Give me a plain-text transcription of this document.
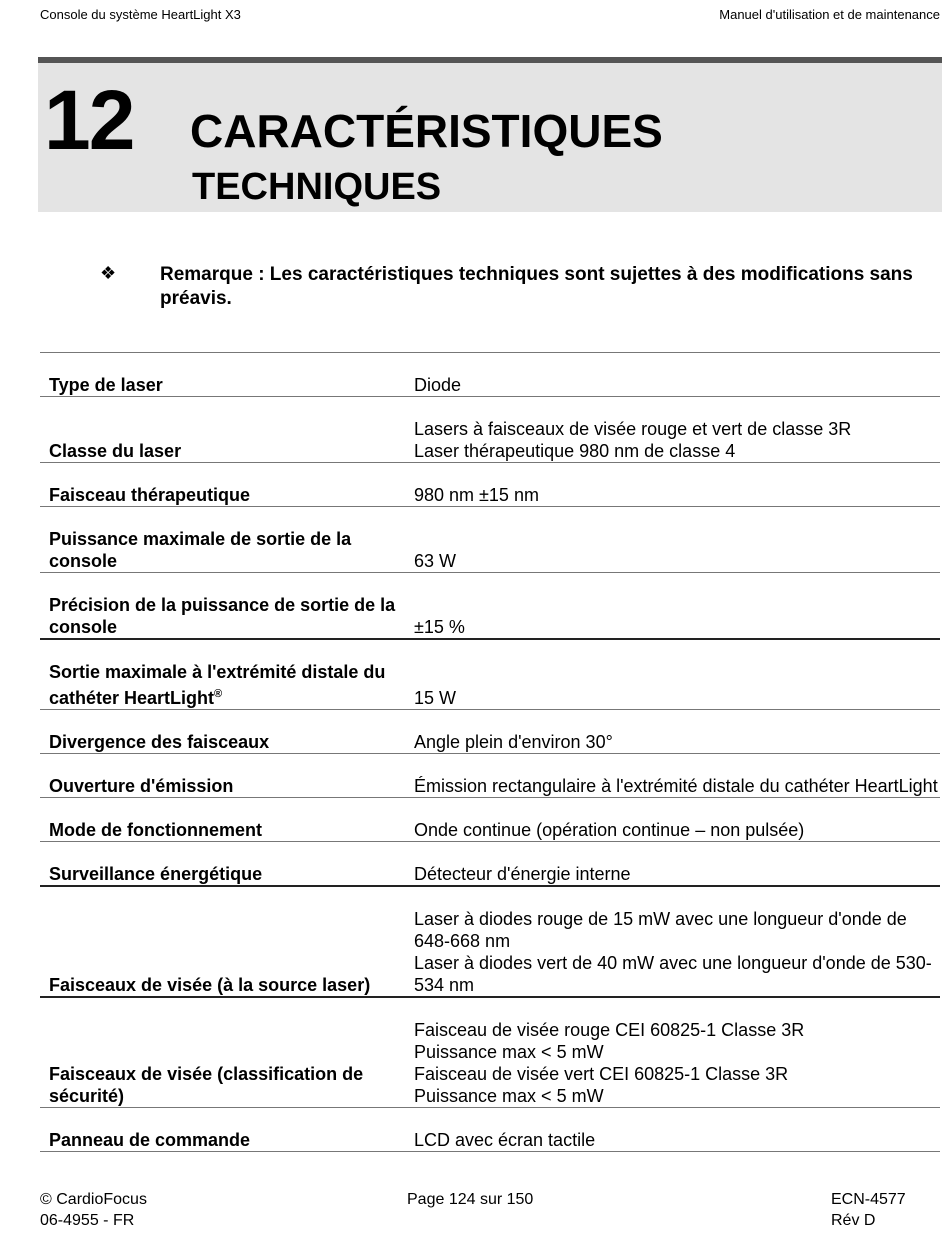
Console du système HeartLight X3	Manuel d'utilisation et de maintenance
12 CARACTÉRISTIQUES
TECHNIQUES
❖ Remarque : Les caractéristiques techniques sont sujettes à des modifications sans préavis.
Type de laser	Diode

Classe du laser	Lasers à faisceaux de visée rouge et vert de classe 3R
Laser thérapeutique 980 nm de classe 4

Faisceau thérapeutique	980 nm ±15 nm

Puissance maximale de sortie de la console	63 W

Précision de la puissance de sortie de la console	±15 %

Sortie maximale à l'extrémité distale du cathéter HeartLight®	15 W

Divergence des faisceaux	Angle plein d'environ 30°

Ouverture d'émission	Émission rectangulaire à l'extrémité distale du cathéter HeartLight

Mode de fonctionnement	Onde continue (opération continue – non pulsée)

Surveillance énergétique	Détecteur d'énergie interne

Faisceaux de visée (à la source laser)	Laser à diodes rouge de 15 mW avec une longueur d'onde de 648-668 nm
Laser à diodes vert de 40 mW avec une longueur d'onde de 530-534 nm

Faisceaux de visée (classification de sécurité)	Faisceau de visée rouge CEI 60825-1 Classe 3R
Puissance max < 5 mW
Faisceau de visée vert CEI 60825-1 Classe 3R
Puissance max < 5 mW

Panneau de commande	LCD avec écran tactile
© CardioFocus
06-4955 - FR
Page 124 sur 150	ECN-4577
Rév D
